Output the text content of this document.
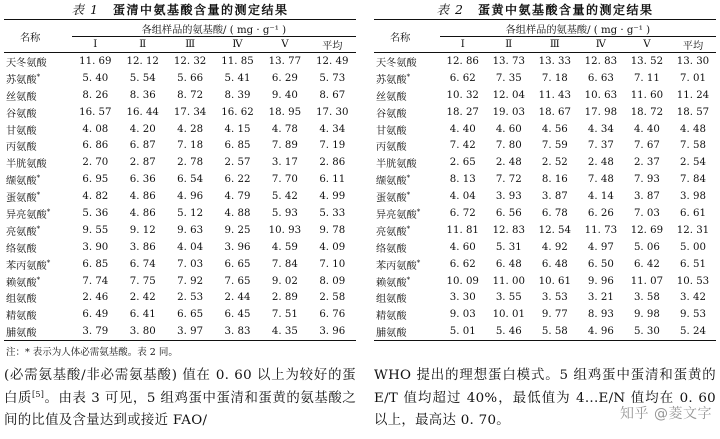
表 1 蛋清中氨基酸含量的测定结果
名称	各组样品的氨基酸/ ( mg · g⁻¹ )					
	Ⅰ	Ⅱ	Ⅲ	Ⅳ	Ⅴ	平均
天冬氨酸	11. 69	12. 12	12. 32	11. 85	13. 77	12. 49
苏氨酸*	5. 40	5. 54	5. 66	5. 41	6. 29	5. 73
丝氨酸	8. 26	8. 36	8. 72	8. 39	9. 40	8. 67
谷氨酸	16. 57	16. 44	17. 34	16. 62	18. 95	17. 30
甘氨酸	4. 08	4. 20	4. 28	4. 15	4. 78	4. 34
丙氨酸	6. 86	6. 87	7. 18	6. 85	7. 89	7. 19
半胱氨酸	2. 70	2. 87	2. 78	2. 57	3. 17	2. 86
缬氨酸*	6. 95	6. 36	6. 54	6. 22	7. 70	6. 11
蛋氨酸*	4. 82	4. 86	4. 96	4. 79	5. 42	4. 99
异亮氨酸*	5. 36	4. 86	5. 12	4. 88	5. 93	5. 33
亮氨酸*	9. 55	9. 12	9. 63	9. 25	10. 93	9. 78
络氨酸	3. 90	3. 86	4. 04	3. 96	4. 59	4. 09
苯丙氨酸*	6. 85	6. 74	7. 03	6. 65	7. 84	7. 10
赖氨酸*	7. 74	7. 75	7. 92	7. 65	9. 02	8. 09
组氨酸	2. 46	2. 42	2. 53	2. 44	2. 89	2. 58
精氨酸	6. 49	6. 41	6. 65	6. 45	7. 51	6. 76
脯氨酸	3. 79	3. 80	3. 97	3. 83	4. 35	3. 96
注：* 表示为人体必需氨基酸。表 2 同。
(必需氨基酸/非必需氨基酸) 值在 0. 60 以上为较好的蛋白质[5]。由表 3 可见，5 组鸡蛋中蛋清和蛋黄的氨基酸之间的比值及含量达到或接近 FAO/
表 2 蛋黄中氨基酸含量的测定结果
名称	各组样品的氨基酸/ ( mg · g⁻¹ )					
	Ⅰ	Ⅱ	Ⅲ	Ⅳ	Ⅴ	平均
天冬氨酸	12. 86	13. 73	13. 33	12. 83	13. 52	13. 30
苏氨酸*	6. 62	7. 35	7. 18	6. 63	7. 11	7. 01
丝氨酸	10. 32	12. 04	11. 43	10. 63	11. 60	11. 24
谷氨酸	18. 27	19. 03	18. 67	17. 98	18. 72	18. 57
甘氨酸	4. 40	4. 60	4. 56	4. 34	4. 40	4. 48
丙氨酸	7. 42	7. 80	7. 59	7. 37	7. 67	7. 58
半胱氨酸	2. 65	2. 48	2. 52	2. 48	2. 37	2. 54
缬氨酸*	8. 13	7. 72	8. 16	7. 48	7. 93	7. 84
蛋氨酸*	4. 04	3. 93	3. 87	4. 14	3. 87	3. 98
异亮氨酸*	6. 72	6. 56	6. 78	6. 26	7. 03	6. 61
亮氨酸*	11. 81	12. 83	12. 54	11. 73	12. 69	12. 31
络氨酸	4. 60	5. 31	4. 92	4. 97	5. 06	5. 00
苯丙氨酸*	6. 62	6. 48	6. 48	6. 50	6. 42	6. 51
赖氨酸*	10. 09	11. 00	10. 61	9. 96	11. 07	10. 53
组氨酸	3. 30	3. 55	3. 53	3. 21	3. 58	3. 42
精氨酸	9. 03	10. 01	9. 77	8. 93	9. 98	9. 53
脯氨酸	5. 01	5. 46	5. 58	4. 96	5. 30	5. 24
WHO 提出的理想蛋白模式。5 组鸡蛋中蛋清和蛋黄的 E/T 值均超过 40%，最低值为 4...E/N 值均在 0. 60 以上，最高达 0. 70。	知乎 @菱文字
